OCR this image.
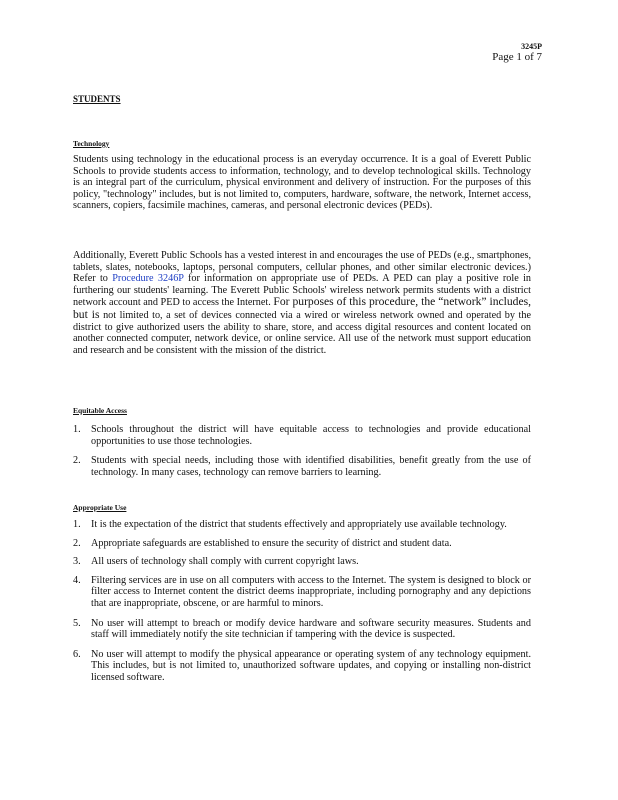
3245P
Page 1 of 7
STUDENTS
Technology

Students using technology in the educational process is an everyday occurrence. It is a goal of Everett Public Schools to provide students access to information, technology, and to develop technological skills. Technology is an integral part of the curriculum, physical environment and delivery of instruction. For the purposes of this policy, "technology" includes, but is not limited to, computers, hardware, software, the network, Internet access, scanners, copiers, facsimile machines, cameras, and personal electronic devices (PEDs).

Additionally, Everett Public Schools has a vested interest in and encourages the use of PEDs (e.g., smartphones, tablets, slates, notebooks, laptops, personal computers, cellular phones, and other similar electronic devices.) Refer to Procedure 3246P for information on appropriate use of PEDs. A PED can play a positive role in furthering our students' learning. The Everett Public Schools' wireless network permits students with a district network account and PED to access the Internet. For purposes of this procedure, the “network” includes, but is not limited to, a set of devices connected via a wired or wireless network owned and operated by the district to give authorized users the ability to share, store, and access digital resources and content located on another connected computer, network device, or online service. All use of the network must support education and research and be consistent with the mission of the district.

Equitable Access
1. Schools throughout the district will have equitable access to technologies and provide educational opportunities to use those technologies.
2. Students with special needs, including those with identified disabilities, benefit greatly from the use of technology. In many cases, technology can remove barriers to learning.
Appropriate Use
1. It is the expectation of the district that students effectively and appropriately use available technology.
2. Appropriate safeguards are established to ensure the security of district and student data.
3. All users of technology shall comply with current copyright laws.
4. Filtering services are in use on all computers with access to the Internet. The system is designed to block or filter access to Internet content the district deems inappropriate, including pornography and any depictions that are inappropriate, obscene, or are harmful to minors.
5. No user will attempt to breach or modify device hardware and software security measures. Students and staff will immediately notify the site technician if tampering with the device is suspected.
6. No user will attempt to modify the physical appearance or operating system of any technology equipment. This includes, but is not limited to, unauthorized software updates, and copying or installing non-district licensed software.
